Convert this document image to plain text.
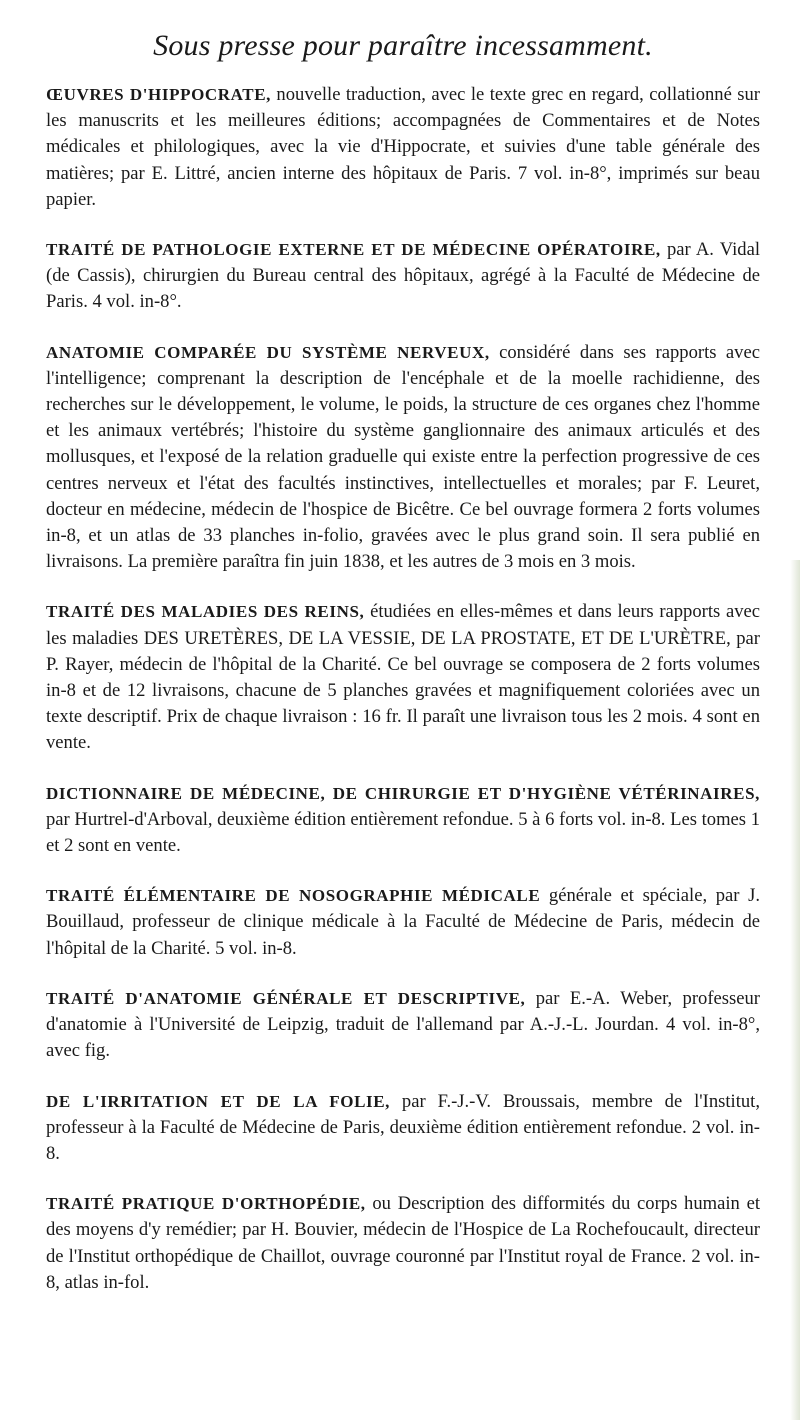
Sous presse pour paraître incessamment.

ŒUVRES D'HIPPOCRATE, nouvelle traduction, avec le texte grec en regard, collationné sur les manuscrits et les meilleures éditions; accompagnées de Commentaires et de Notes médicales et philologiques, avec la vie d'Hippocrate, et suivies d'une table générale des matières; par E. Littré, ancien interne des hôpitaux de Paris. 7 vol. in-8°, imprimés sur beau papier.

TRAITÉ DE PATHOLOGIE EXTERNE ET DE MÉDECINE OPÉRATOIRE, par A. Vidal (de Cassis), chirurgien du Bureau central des hôpitaux, agrégé à la Faculté de Médecine de Paris. 4 vol. in-8°.

ANATOMIE COMPARÉE DU SYSTÈME NERVEUX, considéré dans ses rapports avec l'intelligence; comprenant la description de l'encéphale et de la moelle rachidienne, des recherches sur le développement, le volume, le poids, la structure de ces organes chez l'homme et les animaux vertébrés; l'histoire du système ganglionnaire des animaux articulés et des mollusques, et l'exposé de la relation graduelle qui existe entre la perfection progressive de ces centres nerveux et l'état des facultés instinctives, intellectuelles et morales; par F. Leuret, docteur en médecine, médecin de l'hospice de Bicêtre. Ce bel ouvrage formera 2 forts volumes in-8, et un atlas de 33 planches in-folio, gravées avec le plus grand soin. Il sera publié en livraisons. La première paraîtra fin juin 1838, et les autres de 3 mois en 3 mois.

TRAITÉ DES MALADIES DES REINS, étudiées en elles-mêmes et dans leurs rapports avec les maladies DES URETÈRES, DE LA VESSIE, DE LA PROSTATE, ET DE L'URÈTRE, par P. Rayer, médecin de l'hôpital de la Charité. Ce bel ouvrage se composera de 2 forts volumes in-8 et de 12 livraisons, chacune de 5 planches gravées et magnifiquement coloriées avec un texte descriptif. Prix de chaque livraison : 16 fr. Il paraît une livraison tous les 2 mois. 4 sont en vente.

DICTIONNAIRE DE MÉDECINE, DE CHIRURGIE ET D'HYGIÈNE VÉTÉRINAIRES, par Hurtrel-d'Arboval, deuxième édition entièrement refondue. 5 à 6 forts vol. in-8. Les tomes 1 et 2 sont en vente.

TRAITÉ ÉLÉMENTAIRE DE NOSOGRAPHIE MÉDICALE générale et spéciale, par J. Bouillaud, professeur de clinique médicale à la Faculté de Médecine de Paris, médecin de l'hôpital de la Charité. 5 vol. in-8.

TRAITÉ D'ANATOMIE GÉNÉRALE ET DESCRIPTIVE, par E.-A. Weber, professeur d'anatomie à l'Université de Leipzig, traduit de l'allemand par A.-J.-L. Jourdan. 4 vol. in-8°, avec fig.

DE L'IRRITATION ET DE LA FOLIE, par F.-J.-V. Broussais, membre de l'Institut, professeur à la Faculté de Médecine de Paris, deuxième édition entièrement refondue. 2 vol. in-8.

TRAITÉ PRATIQUE D'ORTHOPÉDIE, ou Description des difformités du corps humain et des moyens d'y remédier; par H. Bouvier, médecin de l'Hospice de La Rochefoucault, directeur de l'Institut orthopédique de Chaillot, ouvrage couronné par l'Institut royal de France. 2 vol. in-8, atlas in-fol.
